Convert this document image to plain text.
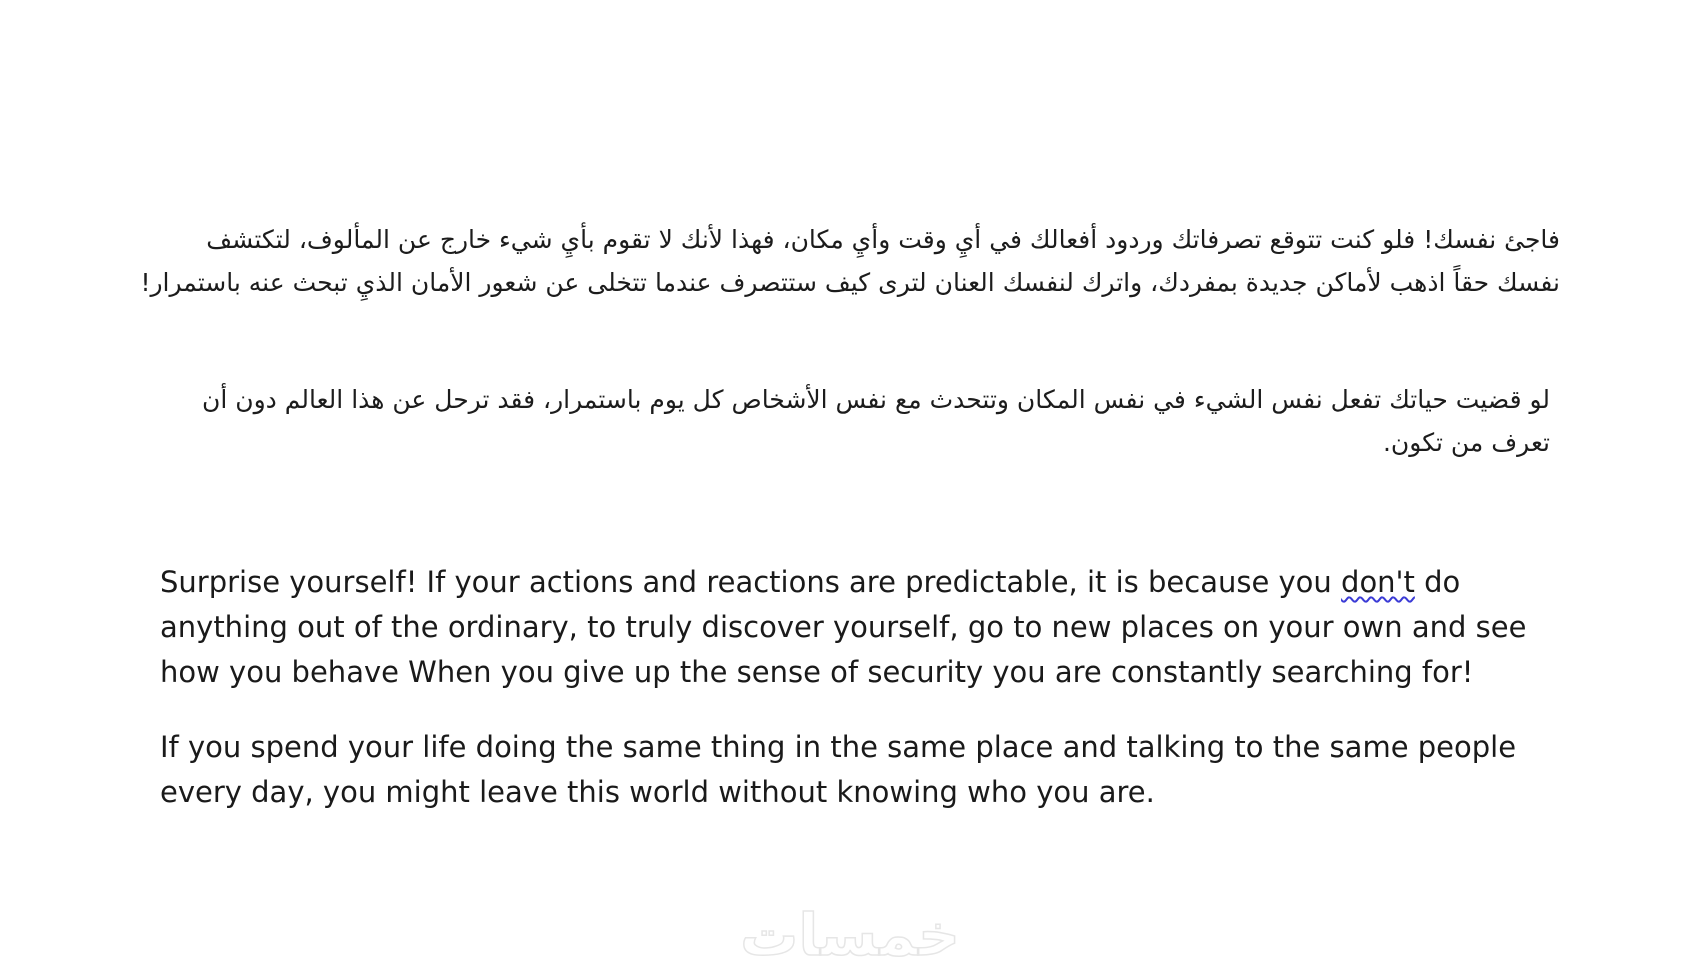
فاجئ نفسك! فلو كنت تتوقع تصرفاتك وردود أفعالك في أيِ وقت وأيِ مكان، فهذا لأنك لا تقوم بأيِ شيء خارج عن المألوف، لتكتشف نفسك حقاً اذهب لأماكن جديدة بمفردك، واترك لنفسك العنان لترى كيف ستتصرف عندما تتخلى عن شعور الأمان الذيِ تبحث عنه باستمرار!
لو قضيت حياتك تفعل نفس الشيء في نفس المكان وتتحدث مع نفس الأشخاص كل يوم باستمرار، فقد ترحل عن هذا العالم دون أن تعرف من تكون.
Surprise yourself! If your actions and reactions are predictable, it is because you don't do anything out of the ordinary, to truly discover yourself, go to new places on your own and see how you behave When you give up the sense of security you are constantly searching for!
If you spend your life doing the same thing in the same place and talking to the same people every day, you might leave this world without knowing who you are.
خمسات
